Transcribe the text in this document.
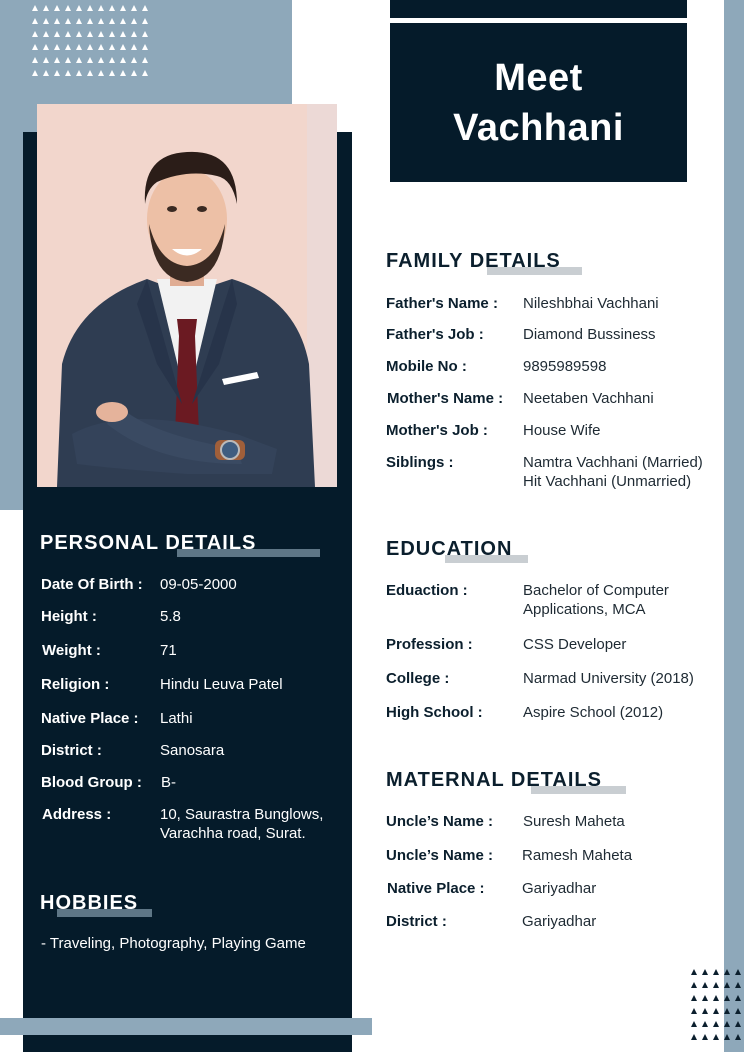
Meet
Vachhani
PERSONAL DETAILS
Date Of Birth : 09-05-2000
Height :	5.8
Weight :	71
Religion :	Hindu Leuva Patel
Native Place : Lathi
District :	Sanosara
Blood Group : B-
Address :	10, Saurastra Bunglows,
Varachha road, Surat.
HOBBIES
- Traveling, Photography, Playing Game
FAMILY DETAILS
Father's Name : Nileshbhai Vachhani
Father's Job :	Diamond Bussiness
Mobile No :	9895989598
Mother's Name : Neetaben Vachhani
Mother's Job : House Wife
Siblings :	Namtra Vachhani (Married)
Hit Vachhani (Unmarried)
EDUCATION
Eduaction :	Bachelor of Computer
Applications, MCA
Profession :	CSS Developer
College :	Narmad University (2018)
High School :	Aspire School (2012)
MATERNAL DETAILS
Uncle’s Name : Suresh Maheta
Uncle’s Name : Ramesh Maheta
Native Place : Gariyadhar
District :	Gariyadhar
